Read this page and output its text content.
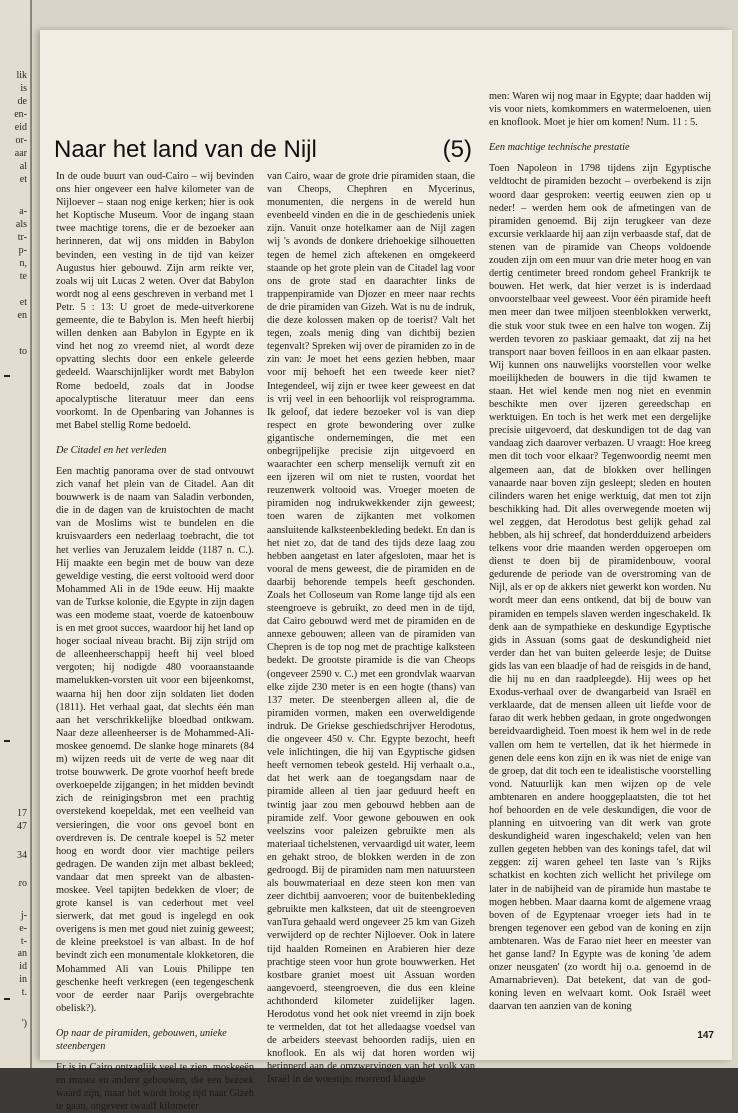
lik
is
de
en-
eid
or-
aar
al
et
a-
als
tr-
p-
n,
te
et
en
to
17
47
34
ro
j-
e-
t-
an
id
in
t.
')
Naar het land van de Nijl	(5)

In de oude buurt van oud-Cairo – wij bevinden ons hier ongeveer een halve kilometer van de Nijloever – staan nog enige kerken; hier is ook het Koptische Museum. Voor de ingang staan twee machtige torens, die er de bezoeker aan herinneren, dat wij ons midden in Babylon bevinden, een vesting in de tijd van keizer Augustus hier gebouwd. Zijn arm reikte ver, zoals wij uit Lucas 2 weten. Over dat Babylon wordt nog al eens geschreven in verband met 1 Petr. 5 : 13: U groet de mede-uitverkorene gemeente, die te Babylon is. Men heeft hierbij willen denken aan Babylon in Egypte en ik vind het nog zo vreemd niet, al wordt deze opvatting slechts door een enkele geleerde gedeeld. Waarschijnlijker wordt met Babylon Rome bedoeld, zoals dat in Joodse apocalyptische literatuur meer dan eens voorkomt. In de Openbaring van Johannes is met Babel stellig Rome bedoeld.

De Citadel en het verleden

Een machtig panorama over de stad ontvouwt zich vanaf het plein van de Citadel. Aan dit bouwwerk is de naam van Saladin verbonden, die in de dagen van de kruistochten de macht van de Moslims wist te bundelen en die kruisvaarders een nederlaag toebracht, die tot het verlies van Jeruzalem leidde (1187 n. C.). Hij maakte een begin met de bouw van deze geweldige vesting, die eerst voltooid werd door Mohammed Ali in de 19de eeuw. Hij maakte van de Turkse kolonie, die Egypte in zijn dagen was een modeme staat, voerde de katoenbouw is en met groot succes, waardoor hij het land op hoger sociaal niveau bracht. Bij zijn strijd om de alleenheerschappij heeft hij veel bloed vergoten; hij nodigde 480 vooraanstaande mamelukken-vorsten uit voor een bijeenkomst, waarna hij hen door zijn soldaten liet doden (1811). Het verhaal gaat, dat slechts één man aan het verschrikkelijke bloedbad ontkwam. Naar deze alleenheerser is de Mohammed-Ali-moskee genoemd. De slanke hoge minarets (84 m) wijzen reeds uit de verte de weg naar dit trotse bouwwerk. De grote voorhof heeft brede overkoepelde zijgangen; in het midden bevindt zich de reinigingsbron met een prachtig overstekend koepeldak, met een veelheid van versieringen, die voor ons gevoel bont en overdreven is. De centrale koepel is 52 meter hoog en wordt door vier machtige peilers gedragen. De wanden zijn met albast bekleed; vandaar dat men spreekt van de albasten-moskee. Veel tapijten bedekken de vloer; de grote kansel is van cederhout met veel sierwerk, dat met goud is ingelegd en ook overigens is men met goud niet zuinig geweest; de kleine preekstoel is van albast. In de hof bevindt zich een monumentale klokketoren, die Mohammed Ali van Louis Philippe ten geschenke heeft verkregen (een tegengeschenk voor de eerder naar Parijs overgebrachte obelisk?).

Op naar de piramiden, gebouwen, unieke steenbergen

Er is in Cairo ontzaglijk veel te zien, moskeeën en musea en andere gebouwen, die een bezoek waard zijn, maar het wordt hoog tijd naar Gizeh te gaan, ongeveer twaalf kilometer

van Cairo, waar de grote drie piramiden staan, die van Cheops, Chephren en Mycerinus, monumenten, die nergens in de wereld hun evenbeeld vinden en die in de geschiedenis uniek zijn. Vanuit onze hotelkamer aan de Nijl zagen wij 's avonds de donkere driehoekige silhouetten tegen de hemel zich aftekenen en omgekeerd staande op het grote plein van de Citadel lag voor ons de grote stad en daarachter links de trappenpiramide van Djozer en meer naar rechts de drie piramiden van Gizeh. Wat is nu de indruk, die deze kolossen maken op de toerist? Valt het tegen, zoals menig ding van dichtbij bezien tegenvalt? Spreken wij over de piramiden zo in de zin van: Je moet het eens gezien hebben, maar voor mij behoeft het een tweede keer niet? Integendeel, wij zijn er twee keer geweest en dat is vrij veel in een behoorlijk vol reisprogramma. Ik geloof, dat iedere bezoeker vol is van diep respect en grote bewondering over zulke gigantische ondernemingen, die met een onbegrijpelijke precisie zijn uitgevoerd en waarachter een scherp menselijk vernuft zit en een ijzeren wil om niet te rusten, voordat het reuzenwerk voltooid was. Vroeger moeten de piramiden nog indrukwekkender zijn geweest; toen waren de zijkanten met volkomen aansluitende kalksteenbekleding bedekt. En dan is het niet zo, dat de tand des tijds deze laag zou hebben aangetast en later afgesloten, maar het is vooral de mens geweest, die de piramiden en de daarbij behorende tempels heeft geschonden. Zoals het Colloseum van Rome lange tijd als een steengroeve is gebruikt, zo deed men in de tijd, dat Cairo gebouwd werd met de piramiden en de annexe gebouwen; alleen van de piramiden van Chepren is de top nog met de prachtige kalksteen bedekt. De grootste piramide is die van Cheops (ongeveer 2590 v. C.) met een grondvlak waarvan elke zijde 230 meter is en een hogte (thans) van 137 meter. De steenbergen alleen al, die de piramiden vormen, maken een overweldigende indruk. De Griekse geschiedschrijver Herodotus, die ongeveer 450 v. Chr. Egypte bezocht, heeft vele inlichtingen, die hij van Egyptische gidsen heeft vernomen tebeok gesteld. Hij verhaalt o.a., dat het werk aan de toegangsdam naar de piramide alleen al tien jaar geduurd heeft en twintig jaar zou men gebouwd hebben aan de piramide zelf. Voor gewone gebouwen en ook veelszins voor paleizen gebruikte men als materiaal tichelstenen, vervaardigd uit water, leem en gehakt stroo, de blokken werden in de zon gedroogd. Bij de piramiden nam men natuursteen als bouwmateriaal en deze steen kon men van zeer dichtbij aanvoeren; voor de buitenbekleding gebruikte men kalksteen, dat uit de steengroeven vanTura gehaald werd ongeveer 25 km van Gizeh verwijderd op de rechter Nijloever. Ook in latere tijd haalden Romeinen en Arabieren hier deze prachtige steen voor hun grote bouwwerken. Het kostbare graniet moest uit Assuan worden aangevoerd, steengroeven, die dus een kleine achthonderd kilometer zuidelijker lagen. Herodotus vond het ook niet vreemd in zijn boek te vermelden, dat tot het alledaagse voedsel van de arbeiders steevast behoorden radijs, uien en knoflook. En als wij dat horen worden wij herinnerd aan de omzwervingen van het volk van Israël in de woestijn: morrend klaagde

men: Waren wij nog maar in Egypte; daar hadden wij vis voor niets, komkommers en watermeloenen, uien en knoflook. Moet je hier om komen! Num. 11 : 5.

Een machtige technische prestatie

Toen Napoleon in 1798 tijdens zijn Egyptische veldtocht de piramiden bezocht – overbekend is zijn woord daar gesproken: veertig eeuwen zien op u neder! – werden hem ook de afmetingen van de piramiden genoemd. Bij zijn terugkeer van deze excursie verklaarde hij aan zijn verbaasde staf, dat de stenen van de piramide van Cheops voldoende zouden zijn om een muur van drie meter hoog en van dertig centimeter breed rondom geheel Frankrijk te bouwen. Het werk, dat hier verzet is is inderdaad onvoorstelbaar veel geweest. Voor één piramide heeft men meer dan twee miljoen steenblokken verwerkt, die stuk voor stuk twee en een halve ton wogen. Zij werden tevoren zo paskiaar gemaakt, dat zij na het transport naar boven feilloos in en aan elkaar pasten. Wij kunnen ons nauwelijks voorstellen voor welke moeilijkheden de bouwers in die tijd kwamen te staan. Het wiel kende men nog niet en evenmin beschikte men over ijzeren gereedschap en werktuigen. En toch is het werk met een dergelijke precisie uitgevoerd, dat deskundigen tot de dag van vandaag zich daarover verbazen. U vraagt: Hoe kreeg men dit toch voor elkaar? Tegenwoordig neemt men algemeen aan, dat de blokken over hellingen vanaarde naar boven zijn gesleept; sleden en houten cilinders waren het enige werktuig, dat men tot zijn beschikking had. Dit alles overwegende moeten wij wel zeggen, dat Herodotus best gelijk gehad zal hebben, als hij schreef, dat honderdduizend arbeiders telkens voor drie maanden werden opgeroepen om dienst te doen bij de piramidenbouw, vooral gedurende de periode van de overstroming van de Nijl, als er op de akkers niet gewerkt kon worden. Nu wordt meer dan eens ontkend, dat bij de bouw van piramiden en tempels slaven werden ingeschakeld. Ik denk aan de sympathieke en deskundige Egyptische gids in Assuan (soms gaat de deskundigheid niet verder dan het van buiten geleerde lesje; de Duitse gids las van een blaadje of had de reisgids in de hand, die hij nu en dan raadpleegde). Hij wees op het Exodus-verhaal over de dwangarbeid van Israël en verklaarde, dat de mensen alleen uit liefde voor de farao dit werk hebben gedaan, in grote ongedwongen bereidvaardigheid. Toen moest ik hem wel in de rede vallen om hem te vertellen, dat ik het hiermede in genen dele eens kon zijn en ik was niet de enige van de groep, dat dit toch een te idealistische voorstelling vond. Natuurlijk kan men wijzen op de vele ambtenaren en andere hooggeplaatsten, die tot het hof behoorden en de vele deskundigen, die voor de planning en uitvoering van dit werk van grote deskundigheid waren ingeschakeld; velen van hen zullen gegeten hebben van des konings tafel, dat wil zeggen: zij waren geheel ten laste van 's Rijks schatkist en kochten zich wellicht het privilege om later in de nabijheid van de piramide hun mastabe te mogen hebben. Maar daarna komt de algemene vraag boven of de Egyptenaar vroeger iets had in te brengen tegenover een gebod van de koning en zijn ambtenaren. Was de Farao niet heer en meester van het ganse land? In Egypte was de koning 'de adem onzer neusgaten' (zo wordt hij o.a. genoemd in de Amarnabrieven). Dat betekent, dat van de god-koning leven en welvaart komt. Ook Israël weet daarvan ten aanzien van de koning

147
